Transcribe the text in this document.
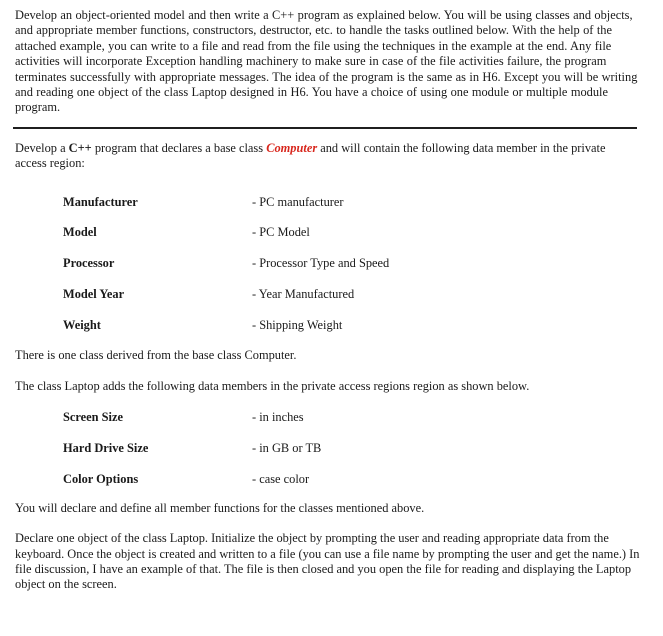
Develop an object-oriented model and then write a C++ program as explained below. You will be using classes and objects, and appropriate member functions, constructors, destructor, etc. to handle the tasks outlined below. With the help of the attached example, you can write to a file and read from the file using the techniques in the example at the end. Any file activities will incorporate Exception handling machinery to make sure in case of the file activities failure, the program terminates successfully with appropriate messages. The idea of the program is the same as in H6. Except you will be writing and reading one object of the class Laptop designed in H6. You have a choice of using one module or multiple module program.

Develop a C++ program that declares a base class Computer and will contain the following data member in the private access region:

Manufacturer	- PC manufacturer
Model	- PC Model
Processor	- Processor Type and Speed
Model Year	- Year Manufactured
Weight	- Shipping Weight

There is one class derived from the base class Computer.

The class Laptop adds the following data members in the private access regions region as shown below.

Screen Size	- in inches
Hard Drive Size	- in GB or TB
Color Options	- case color

You will declare and define all member functions for the classes mentioned above.

Declare one object of the class Laptop. Initialize the object by prompting the user and reading appropriate data from the keyboard. Once the object is created and written to a file (you can use a file name by prompting the user and get the name.) In file discussion, I have an example of that. The file is then closed and you open the file for reading and displaying the Laptop object on the screen.
